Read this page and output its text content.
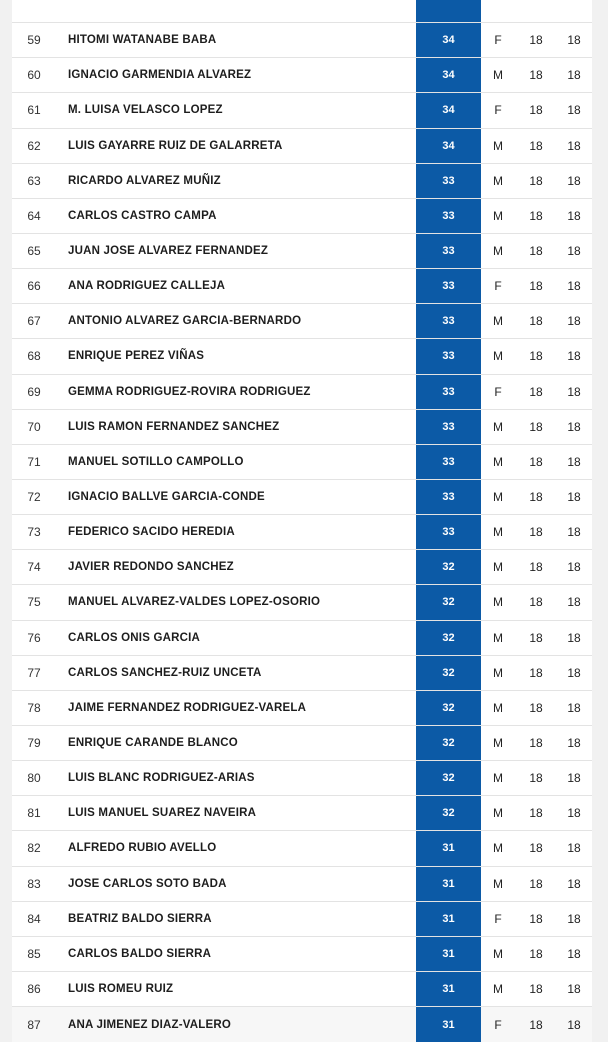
59	HITOMI WATANABE BABA	34	F	18	18
60	IGNACIO GARMENDIA ALVAREZ	34	M	18	18
61	M. LUISA VELASCO LOPEZ	34	F	18	18
62	LUIS GAYARRE RUIZ DE GALARRETA	34	M	18	18
63	RICARDO ALVAREZ MUÑIZ	33	M	18	18
64	CARLOS CASTRO CAMPA	33	M	18	18
65	JUAN JOSE ALVAREZ FERNANDEZ	33	M	18	18
66	ANA RODRIGUEZ CALLEJA	33	F	18	18
67	ANTONIO ALVAREZ GARCIA-BERNARDO	33	M	18	18
68	ENRIQUE PEREZ VIÑAS	33	M	18	18
69	GEMMA RODRIGUEZ-ROVIRA RODRIGUEZ	33	F	18	18
70	LUIS RAMON FERNANDEZ SANCHEZ	33	M	18	18
71	MANUEL SOTILLO CAMPOLLO	33	M	18	18
72	IGNACIO BALLVE GARCIA-CONDE	33	M	18	18
73	FEDERICO SACIDO HEREDIA	33	M	18	18
74	JAVIER REDONDO SANCHEZ	32	M	18	18
75	MANUEL ALVAREZ-VALDES LOPEZ-OSORIO	32	M	18	18
76	CARLOS ONIS GARCIA	32	M	18	18
77	CARLOS SANCHEZ-RUIZ UNCETA	32	M	18	18
78	JAIME FERNANDEZ RODRIGUEZ-VARELA	32	M	18	18
79	ENRIQUE CARANDE BLANCO	32	M	18	18
80	LUIS BLANC RODRIGUEZ-ARIAS	32	M	18	18
81	LUIS MANUEL SUAREZ NAVEIRA	32	M	18	18
82	ALFREDO RUBIO AVELLO	31	M	18	18
83	JOSE CARLOS SOTO BADA	31	M	18	18
84	BEATRIZ BALDO SIERRA	31	F	18	18
85	CARLOS BALDO SIERRA	31	M	18	18
86	LUIS ROMEU RUIZ	31	M	18	18
87	ANA JIMENEZ DIAZ-VALERO	31	F	18	18
